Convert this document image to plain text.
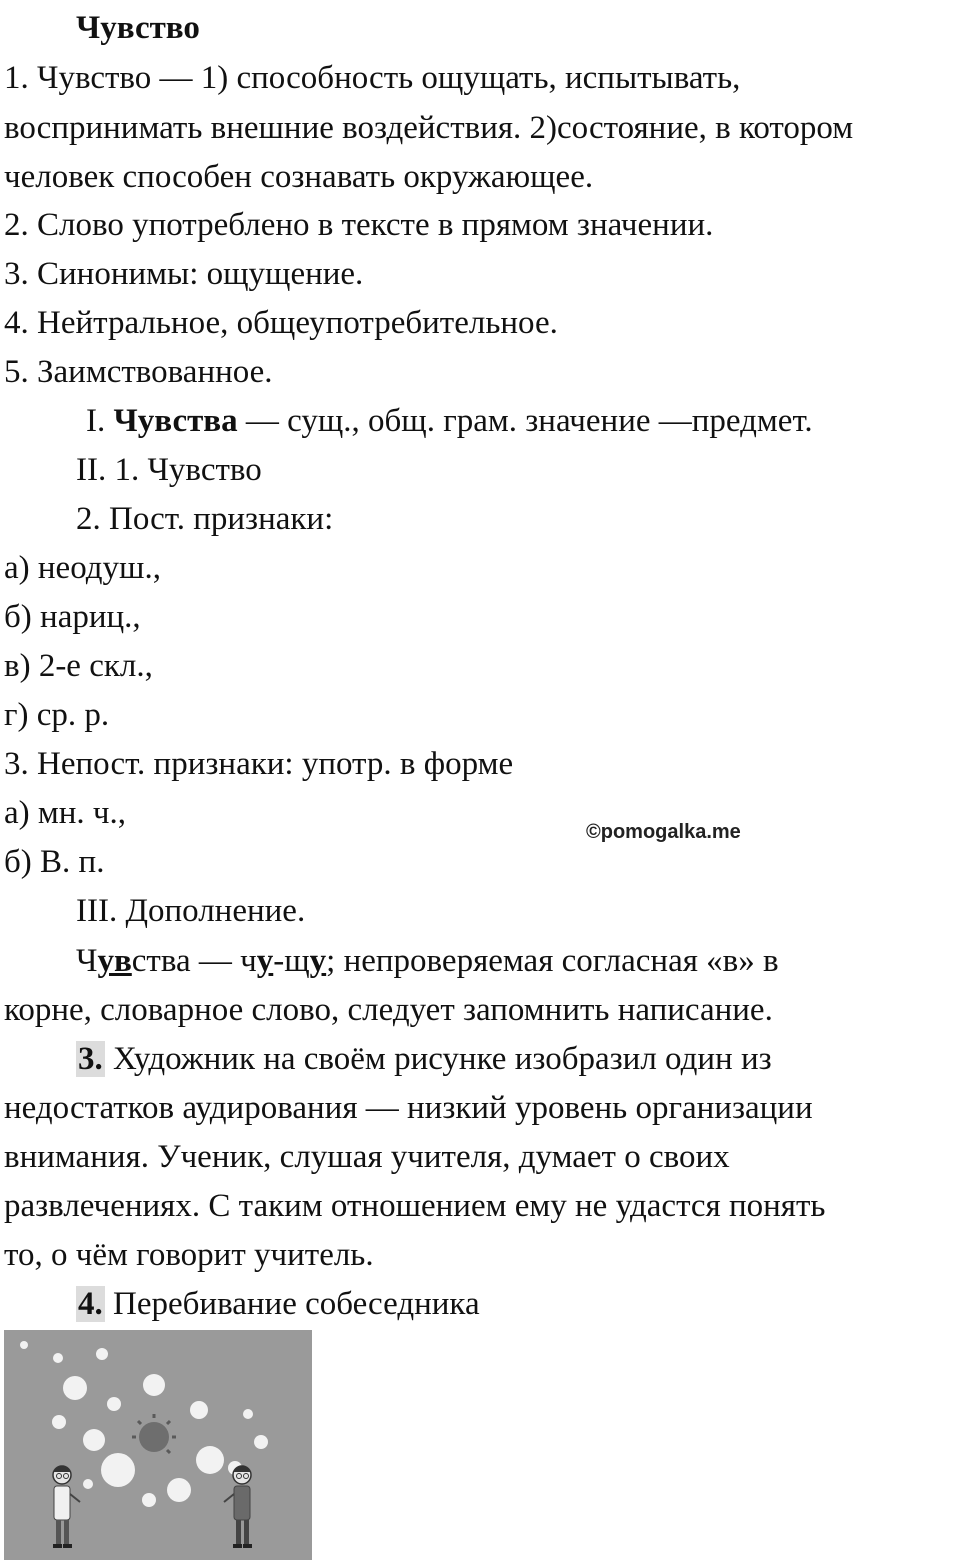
Чувство
1. Чувство — 1) способность ощущать, испытывать,
воспринимать внешние воздействия. 2)состояние, в котором
человек способен сознавать окружающее.
2. Слово употреблено в тексте в прямом значении.
3. Синонимы: ощущение.
4. Нейтральное, общеупотребительное.
5. Заимствованное.
I. Чувства — сущ., общ. грам. значение —предмет.
II. 1. Чувство
2. Пост. признаки:
а) неодуш.,
б) нариц.,
в) 2-е скл.,
г) ср. р.
3. Непост. признаки: употр. в форме
а) мн. ч.,
б) В. п.
III. Дополнение.
Чувства — чу-щу; непроверяемая согласная «в» в
корне, словарное слово, следует запомнить написание.
3. Художник на своём рисунке изобразил один из
недостатков аудирования — низкий уровень организации
внимания. Ученик, слушая учителя, думает о своих
развлечениях. С таким отношением ему не удастся понять
то, о чём говорит учитель.
4. Перебивание собеседника
©pomogalka.me
